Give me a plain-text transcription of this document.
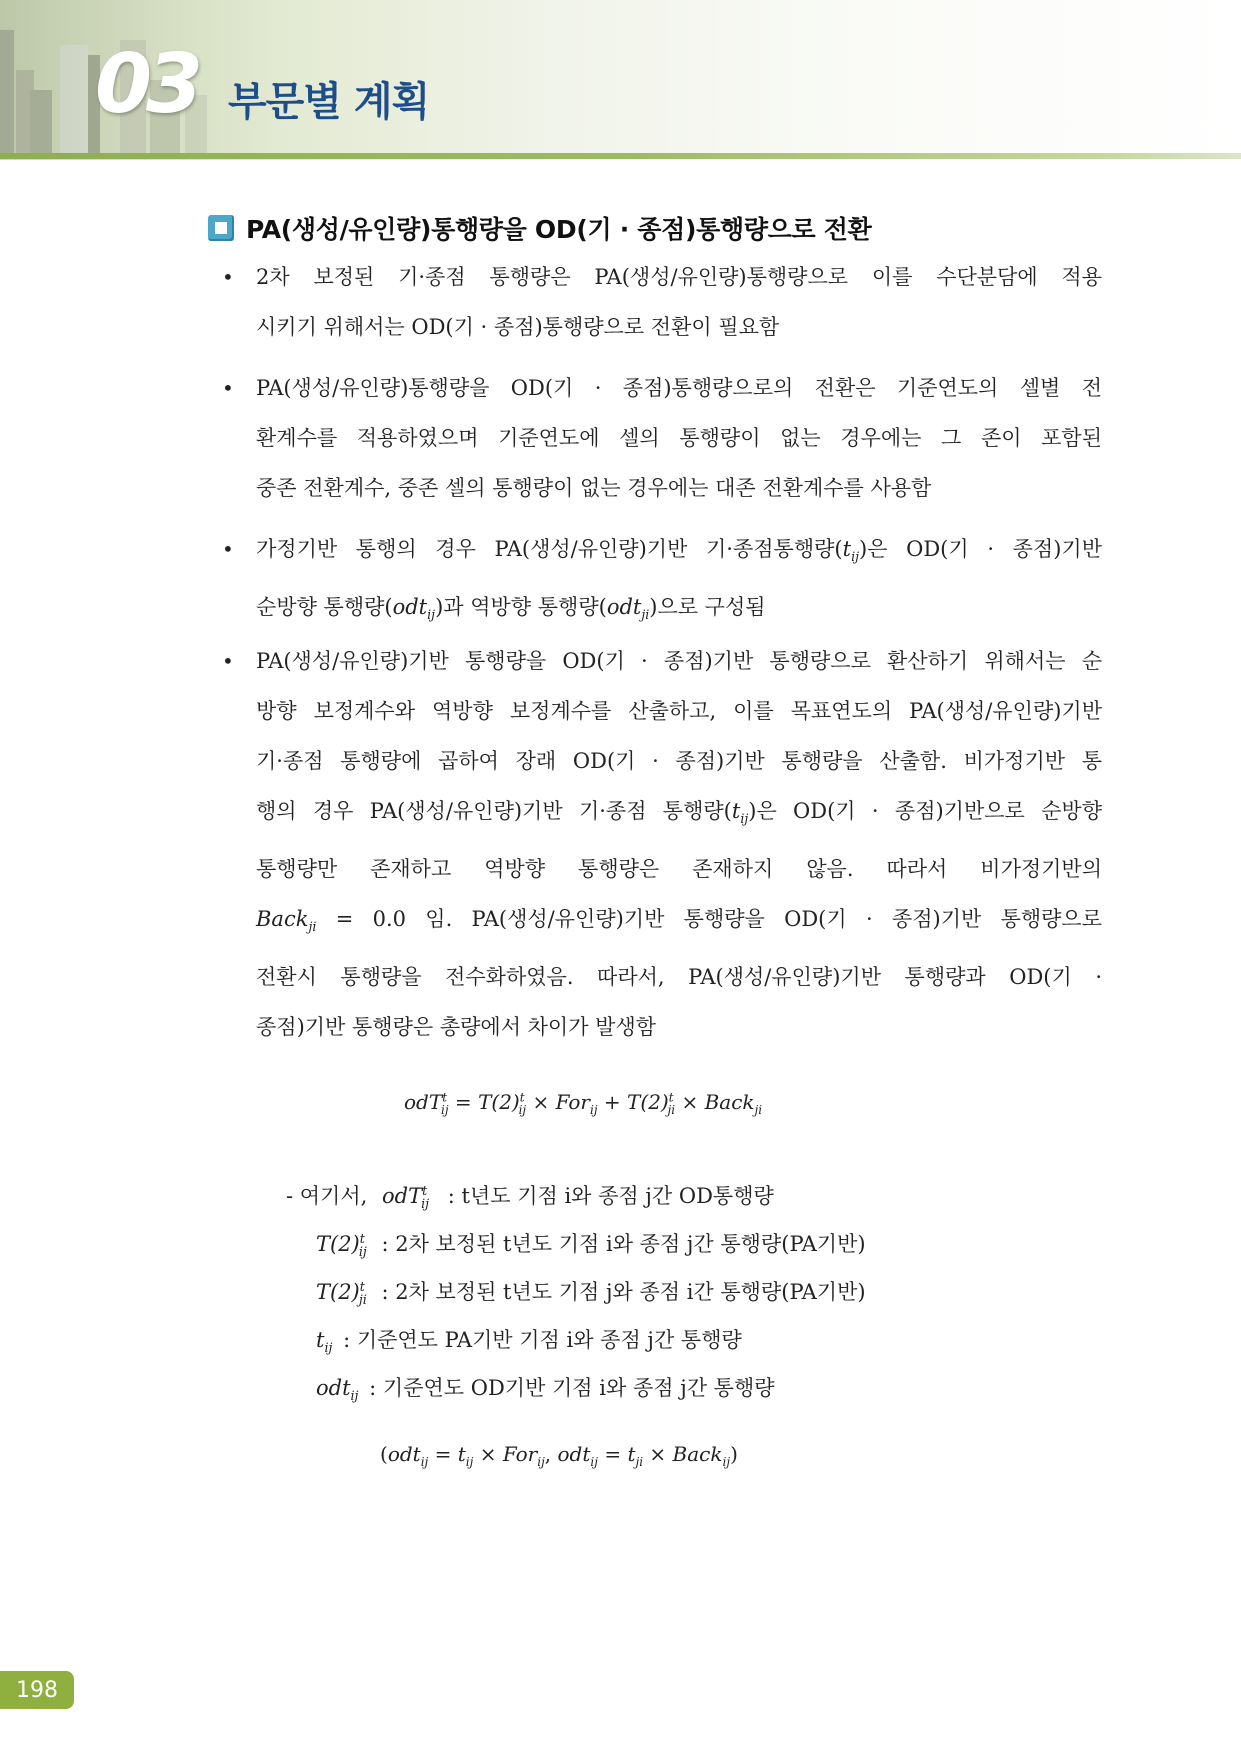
03 부문별 계획
PA(생성/유인량)통행량을 OD(기 · 종점)통행량으로 전환
• 2차 보정된 기·종점 통행량은 PA(생성/유인량)통행량으로 이를 수단분담에 적용
시키기 위해서는 OD(기 · 종점)통행량으로 전환이 필요함
• PA(생성/유인량)통행량을 OD(기 · 종점)통행량으로의 전환은 기준연도의 셀별 전
환계수를 적용하였으며 기준연도에 셀의 통행량이 없는 경우에는 그 존이 포함된
중존 전환계수, 중존 셀의 통행량이 없는 경우에는 대존 전환계수를 사용함
• 가정기반 통행의 경우 PA(생성/유인량)기반 기·종점통행량$(t_{ij})$은 OD(기 · 종점)기반
순방향 통행량(odt$_{ij}$)과 역방향 통행량(odt$_{ji}$)으로 구성됨
• PA(생성/유인량)기반 통행량을 OD(기 · 종점)기반 통행량으로 환산하기 위해서는 순
방향 보정계수와 역방향 보정계수를 산출하고, 이를 목표연도의 PA(생성/유인량)기반
기·종점 통행량에 곱하여 장래 OD(기 · 종점)기반 통행량을 산출함. 비가정기반 통
행의 경우 PA(생성/유인량)기반 기·종점 통행량$(t_{ij})$은 OD(기 · 종점)기반으로 순방향
통행량만 존재하고 역방향 통행량은 존재하지 않음. 따라서 비가정기반의
Back$_{ji}$ = 0.0 임. PA(생성/유인량)기반 통행량을 OD(기 · 종점)기반 통행량으로
전환시 통행량을 전수화하였음. 따라서, PA(생성/유인량)기반 통행량과 OD(기 ·
종점)기반 통행량은 총량에서 차이가 발생함
$odT^t_{ij} = T(2)^t_{ij} \times For_{ij} + T(2)^t_{ji}$ × Back$_{ji}$
- 여기서, odT$^t_{ij}$ : t년도 기점 i와 종점 j간 OD통행량
$T(2)^t_{ij}$ : 2차 보정된 t년도 기점 i와 종점 j간 통행량(PA기반)
$T(2)^t_{ji}$ : 2차 보정된 t년도 기점 j와 종점 i간 통행량(PA기반)
$t_{ij}$ : 기준연도 PA기반 기점 i와 종점 j간 통행량
odt$_{ij}$ : 기준연도 OD기반 기점 i와 종점 j간 통행량
($odt_{ij} = t_{ij} \times For_{ij}$, $odt_{ij} = t_{ji}$ × Back$_{ij}$)
198
